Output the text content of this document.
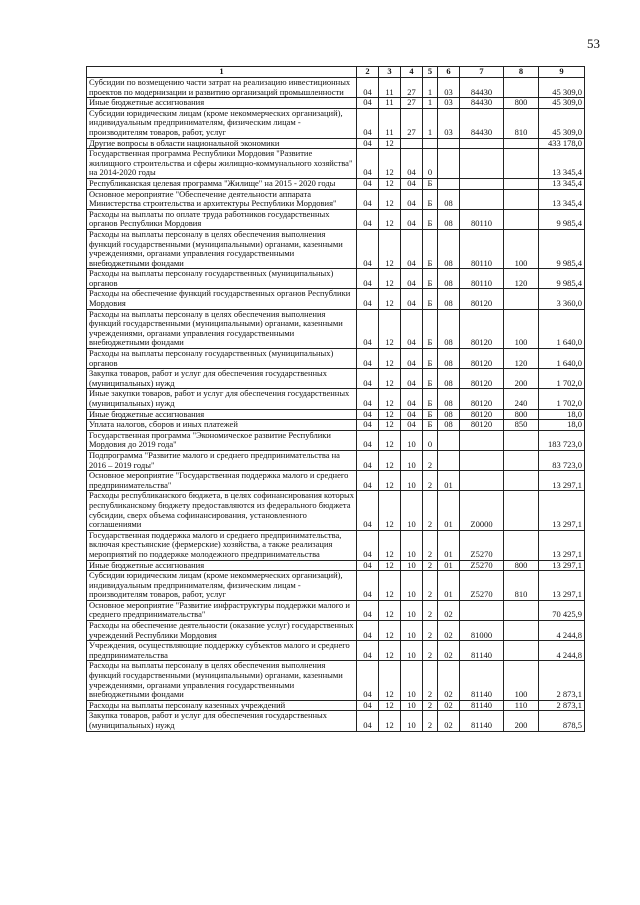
53
1	2	3	4	5	6	7	8	9
Субсидии по возмещению части затрат на реализацию инвестиционных проектов по модернизации и развитию организаций промышленности	04	11	27	1	03	84430		45 309,0
Иные бюджетные ассигнования	04	11	27	1	03	84430	800	45 309,0
Субсидии юридическим лицам (кроме некоммерческих организаций), индивидуальным предпринимателям, физическим лицам - производителям товаров, работ, услуг	04	11	27	1	03	84430	810	45 309,0
Другие вопросы в области национальной экономики	04	12						433 178,0
Государственная программа Республики Мордовия "Развитие жилищного строительства и сферы жилищно-коммунального хозяйства" на 2014-2020 годы	04	12	04	0				13 345,4
Республиканская целевая программа "Жилище" на 2015 - 2020 годы	04	12	04	Б				13 345,4
Основное мероприятие "Обеспечение деятельности аппарата Министерства строительства и архитектуры Республики Мордовия"	04	12	04	Б	08			13 345,4
Расходы на выплаты по оплате труда работников государственных органов Республики Мордовия	04	12	04	Б	08	80110		9 985,4
Расходы на выплаты персоналу в целях обеспечения выполнения функций государственными (муниципальными) органами, казенными учреждениями, органами управления государственными внебюджетными фондами	04	12	04	Б	08	80110	100	9 985,4
Расходы на выплаты персоналу государственных (муниципальных) органов	04	12	04	Б	08	80110	120	9 985,4
Расходы на обеспечение функций государственных органов Республики Мордовия	04	12	04	Б	08	80120		3 360,0
Расходы на выплаты персоналу в целях обеспечения выполнения функций государственными (муниципальными) органами, казенными учреждениями, органами управления государственными внебюджетными фондами	04	12	04	Б	08	80120	100	1 640,0
Расходы на выплаты персоналу государственных (муниципальных) органов	04	12	04	Б	08	80120	120	1 640,0
Закупка товаров, работ и услуг для обеспечения государственных (муниципальных) нужд	04	12	04	Б	08	80120	200	1 702,0
Иные закупки товаров, работ и услуг для обеспечения государственных (муниципальных) нужд	04	12	04	Б	08	80120	240	1 702,0
Иные бюджетные ассигнования	04	12	04	Б	08	80120	800	18,0
Уплата налогов, сборов и иных платежей	04	12	04	Б	08	80120	850	18,0
Государственная программа "Экономическое развитие Республики Мордовия до 2019 года"	04	12	10	0				183 723,0
Подпрограмма "Развитие малого и среднего предпринимательства на 2016 – 2019 годы"	04	12	10	2				83 723,0
Основное мероприятие "Государственная поддержка малого и среднего предпринимательства"	04	12	10	2	01			13 297,1
Расходы республиканского бюджета, в целях софинансирования которых республиканскому бюджету предоставляются из федерального бюджета субсидии, сверх объема софинансирования, установленного соглашениями	04	12	10	2	01	Z0000		13 297,1
Государственная поддержка малого и среднего предпринимательства, включая крестьянские (фермерские) хозяйства, а также реализация мероприятий по поддержке молодежного предпринимательства	04	12	10	2	01	Z5270		13 297,1
Иные бюджетные ассигнования	04	12	10	2	01	Z5270	800	13 297,1
Субсидии юридическим лицам (кроме некоммерческих организаций), индивидуальным предпринимателям, физическим лицам - производителям товаров, работ, услуг	04	12	10	2	01	Z5270	810	13 297,1
Основное мероприятие "Развитие инфраструктуры поддержки малого и среднего предпринимательства"	04	12	10	2	02			70 425,9
Расходы на обеспечение деятельности (оказание услуг) государственных учреждений Республики Мордовия	04	12	10	2	02	81000		4 244,8
Учреждения, осуществляющие поддержку субъектов малого и среднего предпринимательства	04	12	10	2	02	81140		4 244,8
Расходы на выплаты персоналу в целях обеспечения выполнения функций государственными (муниципальными) органами, казенными учреждениями, органами управления государственными внебюджетными фондами	04	12	10	2	02	81140	100	2 873,1
Расходы на выплаты персоналу казенных учреждений	04	12	10	2	02	81140	110	2 873,1
Закупка товаров, работ и услуг для обеспечения государственных (муниципальных) нужд	04	12	10	2	02	81140	200	878,5
